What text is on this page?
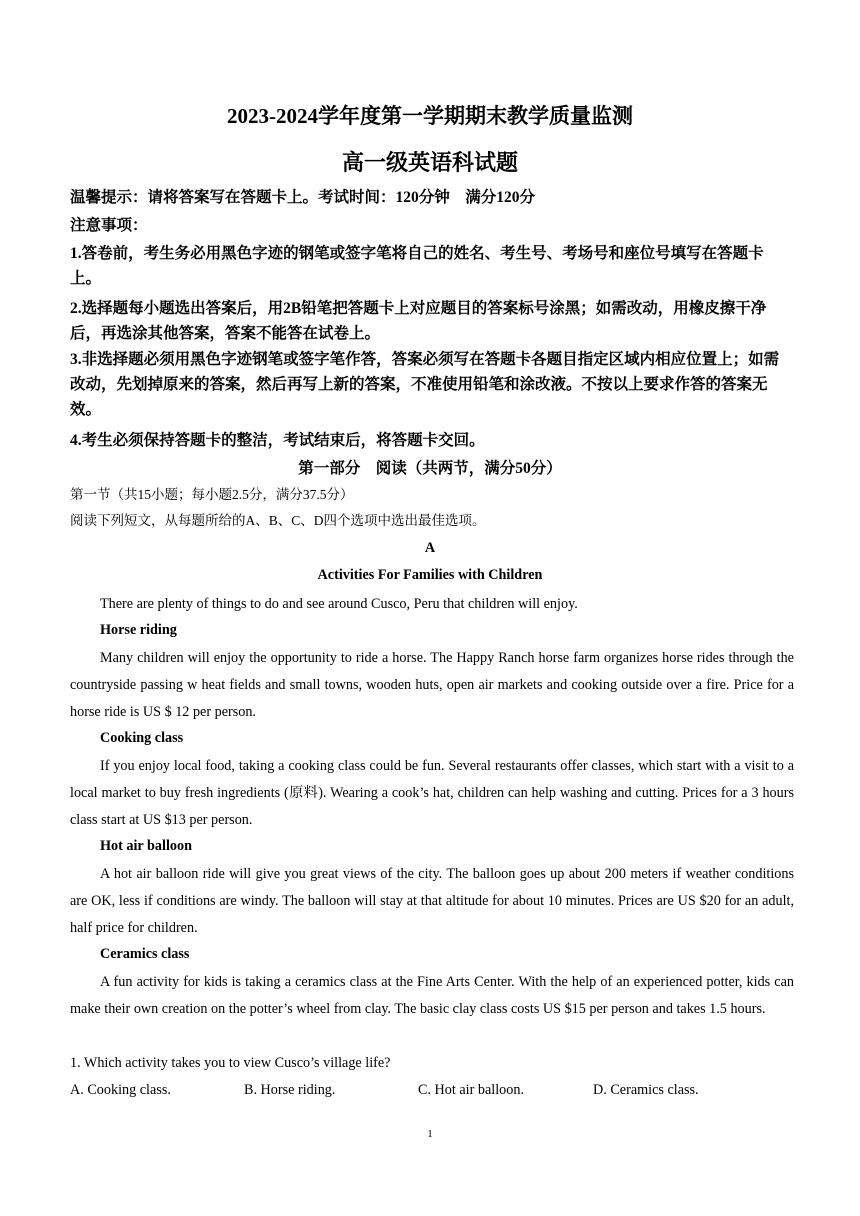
2023-2024学年度第一学期期末教学质量监测
高一级英语科试题
温馨提示：请将答案写在答题卡上。考试时间：120分钟　满分120分
注意事项：
1.答卷前，考生务必用黑色字迹的钢笔或签字笔将自己的姓名、考生号、考场号和座位号填写在答题卡上。
2.选择题每小题选出答案后，用2B铅笔把答题卡上对应题目的答案标号涂黑；如需改动，用橡皮擦干净后，再选涂其他答案，答案不能答在试卷上。
3.非选择题必须用黑色字迹钢笔或签字笔作答，答案必须写在答题卡各题目指定区域内相应位置上；如需改动，先划掉原来的答案，然后再写上新的答案，不准使用铅笔和涂改液。不按以上要求作答的答案无效。
4.考生必须保持答题卡的整洁，考试结束后，将答题卡交回。
第一部分　阅读（共两节，满分50分）
第一节（共15小题；每小题2.5分，满分37.5分）
阅读下列短文，从每题所给的A、B、C、D四个选项中选出最佳选项。
A
Activities For Families with Children
There are plenty of things to do and see around Cusco, Peru that children will enjoy.
Horse riding
Many children will enjoy the opportunity to ride a horse. The Happy Ranch horse farm organizes horse rides through the countryside passing w heat fields and small towns, wooden huts, open air markets and cooking outside over a fire. Price for a horse ride is US $ 12 per person.
Cooking class
If you enjoy local food, taking a cooking class could be fun. Several restaurants offer classes, which start with a visit to a local market to buy fresh ingredients (原料). Wearing a cook’s hat, children can help washing and cutting. Prices for a 3 hours class start at US $13 per person.
Hot air balloon
A hot air balloon ride will give you great views of the city. The balloon goes up about 200 meters if weather conditions are OK, less if conditions are windy. The balloon will stay at that altitude for about 10 minutes. Prices are US $20 for an adult, half price for children.
Ceramics class
A fun activity for kids is taking a ceramics class at the Fine Arts Center. With the help of an experienced potter, kids can make their own creation on the potter’s wheel from clay. The basic clay class costs US $15 per person and takes 1.5 hours.
1. Which activity takes you to view Cusco’s village life?
A. Cooking class.	B. Horse riding.	C. Hot air balloon.	D. Ceramics class.
1
